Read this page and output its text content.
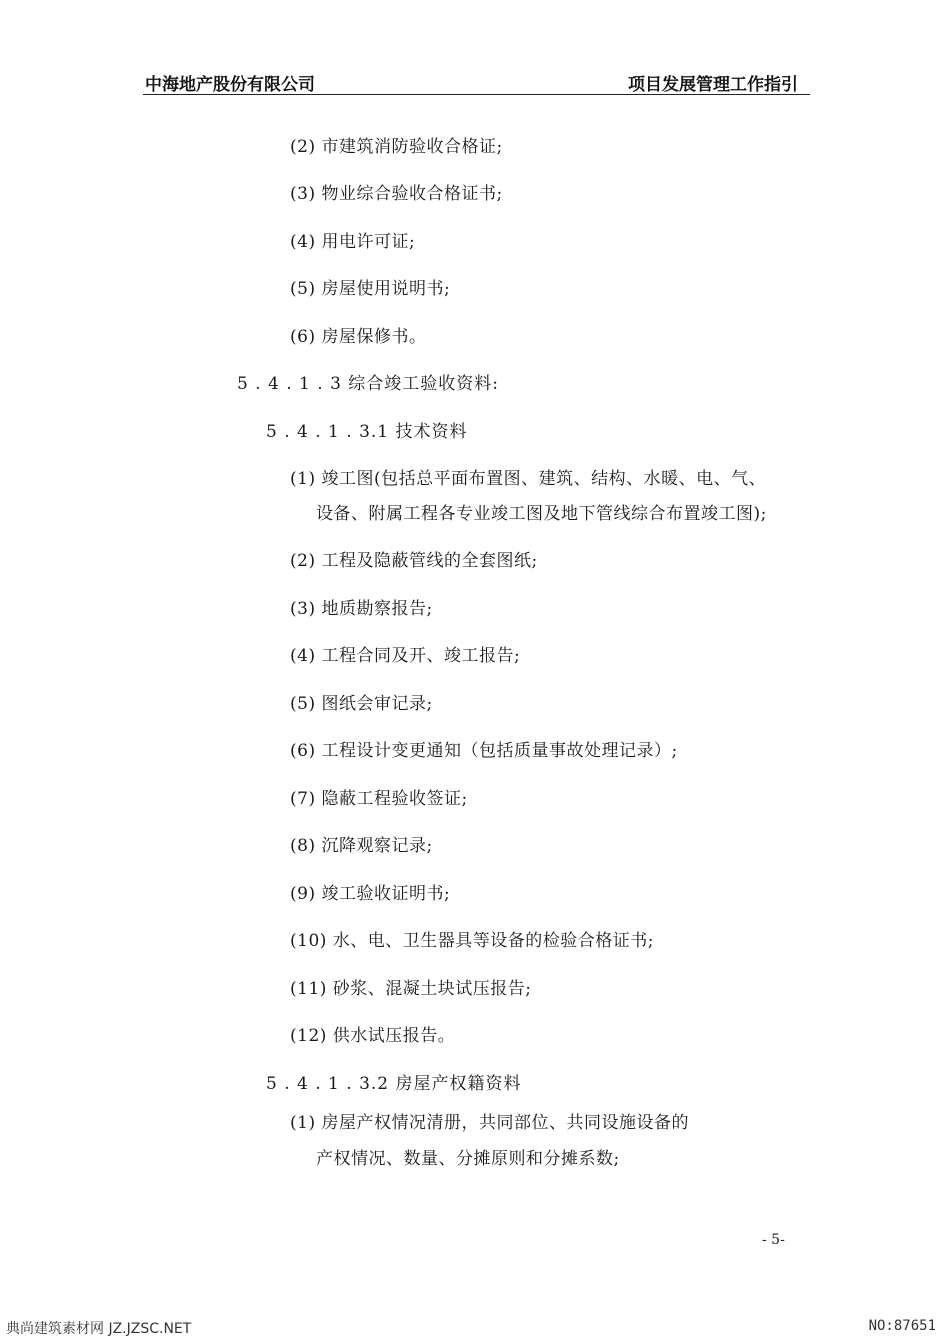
中海地产股份有限公司	项目发展管理工作指引
(2) 市建筑消防验收合格证;
(3) 物业综合验收合格证书;
(4) 用电许可证;
(5) 房屋使用说明书;
(6) 房屋保修书。
5 . 4 . 1 . 3 综合竣工验收资料:
5 . 4 . 1 . 3.1 技术资料
(1) 竣工图(包括总平面布置图、建筑、结构、水暖、电、气、
设备、附属工程各专业竣工图及地下管线综合布置竣工图);
(2) 工程及隐蔽管线的全套图纸;
(3) 地质勘察报告;
(4) 工程合同及开、竣工报告;
(5) 图纸会审记录;
(6) 工程设计变更通知（包括质量事故处理记录）;
(7) 隐蔽工程验收签证;
(8) 沉降观察记录;
(9) 竣工验收证明书;
(10) 水、电、卫生器具等设备的检验合格证书;
(11) 砂浆、混凝土块试压报告;
(12) 供水试压报告。
5 . 4 . 1 . 3.2 房屋产权籍资料
(1) 房屋产权情况清册，共同部位、共同设施设备的
产权情况、数量、分摊原则和分摊系数;
- 5-
典尚建筑素材网 JZ.JZSC.NET	NO:87651
